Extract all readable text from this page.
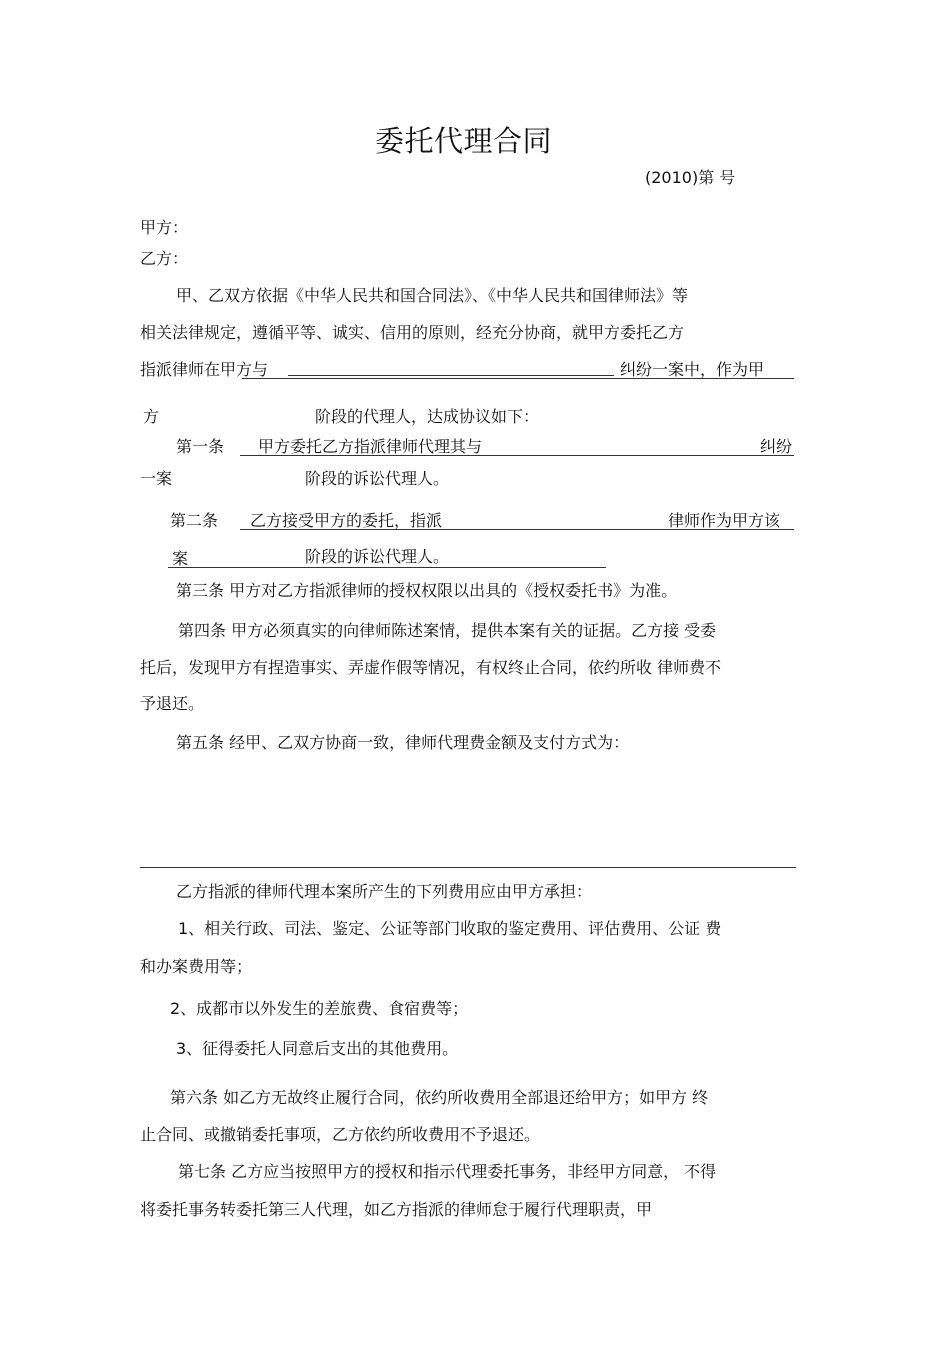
委托代理合同
(2010)第 号
甲方：
乙方：
甲、乙双方依据《中华人民共和国合同法》、《中华人民共和国律师法》等
相关法律规定，遵循平等、诚实、信用的原则，经充分协商，就甲方委托乙方
指派律师在甲方与	纠纷一案中，作为甲
方	阶段的代理人，达成协议如下：
第一条 甲方委托乙方指派律师代理其与	纠纷
一案	阶段的诉讼代理人。
第二条 乙方接受甲方的委托，指派	律师作为甲方该
案	阶段的诉讼代理人。
第三条 甲方对乙方指派律师的授权权限以出具的《授权委托书》为准。
第四条 甲方必须真实的向律师陈述案情，提供本案有关的证据。乙方接 受委
托后，发现甲方有捏造事实、弄虚作假等情况，有权终止合同，依约所收 律师费不
予退还。
第五条 经甲、乙双方协商一致，律师代理费金额及支付方式为：
乙方指派的律师代理本案所产生的下列费用应由甲方承担：
1、相关行政、司法、鉴定、公证等部门收取的鉴定费用、评估费用、公证 费
和办案费用等；
2、成都市以外发生的差旅费、食宿费等；
3、征得委托人同意后支出的其他费用。
第六条 如乙方无故终止履行合同，依约所收费用全部退还给甲方；如甲方 终
止合同、或撤销委托事项，乙方依约所收费用不予退还。
第七条 乙方应当按照甲方的授权和指示代理委托事务，非经甲方同意， 不得
将委托事务转委托第三人代理，如乙方指派的律师怠于履行代理职责，甲
